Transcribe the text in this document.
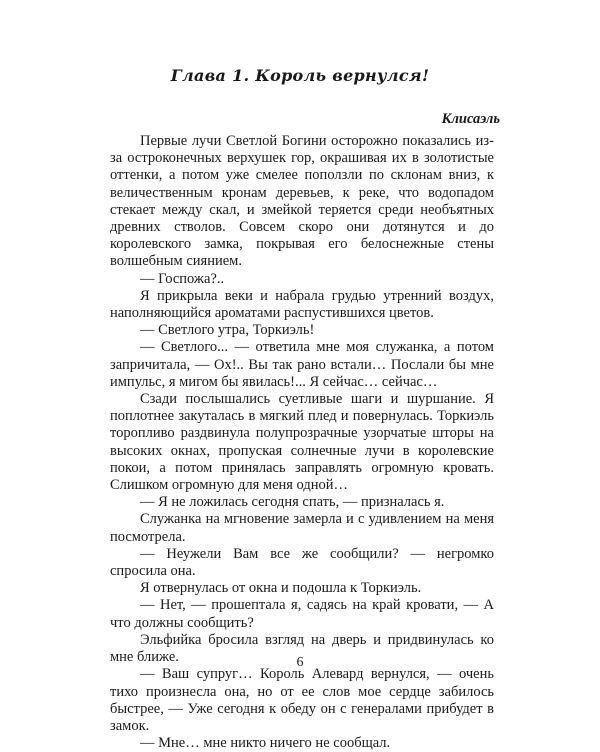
Глава 1. Король вернулся!
Клисаэль

Первые лучи Светлой Богини осторожно показались из-за остроконечных верхушек гор, окрашивая их в золотистые оттенки, а потом уже смелее поползли по склонам вниз, к величественным кронам деревьев, к реке, что водопадом стекает между скал, и змейкой теряется среди необъятных древних стволов. Совсем скоро они дотянутся и до королевского замка, покрывая его белоснежные стены волшебным сиянием.

— Госпожа?..

Я прикрыла веки и набрала грудью утренний воздух, наполняющийся ароматами распустившихся цветов.

— Светлого утра, Торкиэль!

— Светлого... — ответила мне моя служанка, а потом запричитала, — Ох!.. Вы так рано встали… Послали бы мне импульс, я мигом бы явилась!... Я сейчас… сейчас…

Сзади послышались суетливые шаги и шуршание. Я поплотнее закуталась в мягкий плед и повернулась. Торкиэль торопливо раздвинула полупрозрачные узорчатые шторы на высоких окнах, пропуская солнечные лучи в королевские покои, а потом принялась заправлять огромную кровать. Слишком огромную для меня одной…

— Я не ложилась сегодня спать, — призналась я.

Служанка на мгновение замерла и с удивлением на меня посмотрела.

— Неужели Вам все же сообщили? — негромко спросила она.

Я отвернулась от окна и подошла к Торкиэль.

— Нет, — прошептала я, садясь на край кровати, — А что должны сообщить?

Эльфийка бросила взгляд на дверь и придвинулась ко мне ближе.

— Ваш супруг… Король Алевард вернулся, — очень тихо произнесла она, но от ее слов мое сердце забилось быстрее, — Уже сегодня к обеду он с генералами прибудет в замок.

— Мне… мне никто ничего не сообщал.

6
